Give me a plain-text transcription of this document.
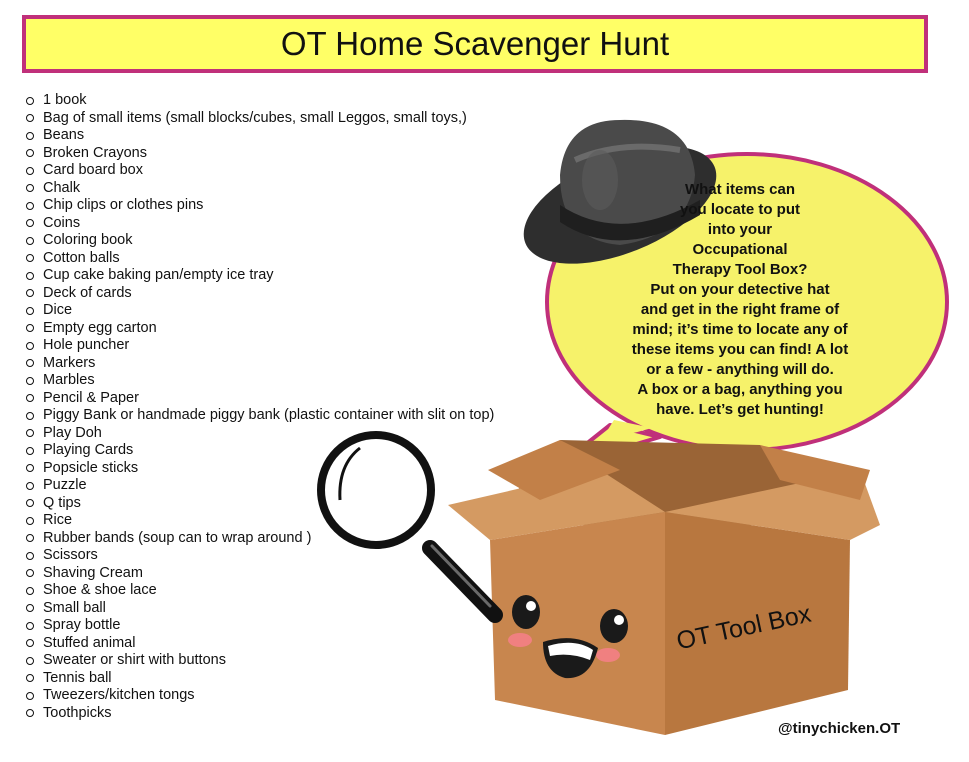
OT Home Scavenger Hunt
1 book
Bag of small items (small blocks/cubes, small Leggos, small toys,)
Beans
Broken Crayons
Card board box
Chalk
Chip clips or clothes pins
Coins
Coloring book
Cotton balls
Cup cake baking pan/empty ice tray
Deck of cards
Dice
Empty egg carton
Hole puncher
Markers
Marbles
Pencil & Paper
Piggy Bank or handmade piggy bank (plastic container with slit on top)
Play Doh
Playing Cards
Popsicle sticks
Puzzle
Q tips
Rice
Rubber bands (soup can to wrap around )
Scissors
Shaving Cream
Shoe & shoe lace
Small ball
Spray bottle
Stuffed animal
Sweater or shirt with buttons
Tennis ball
Tweezers/kitchen tongs
Toothpicks
What items can
you locate to put
into your
Occupational
Therapy Tool Box?
Put on your detective hat
and get in the right frame of
mind; it’s time to locate any of
these items you can find! A lot
or a few - anything will do.
A box or a bag, anything you
have. Let’s get hunting!
OT Tool Box
@tinychicken.OT
